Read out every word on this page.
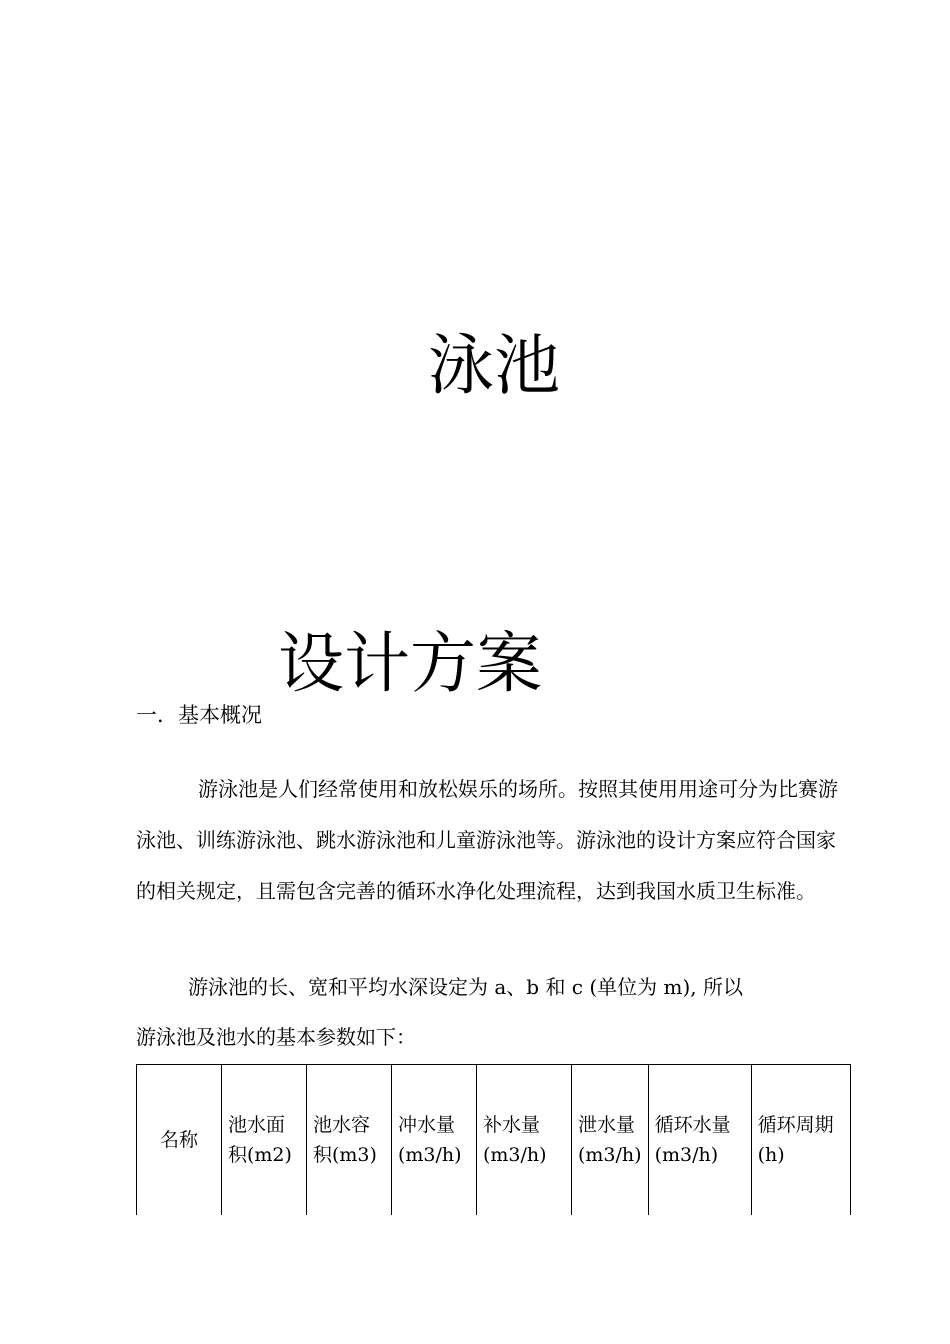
泳池
设计方案
一．基本概况
游泳池是人们经常使用和放松娱乐的场所。按照其使用用途可分为比赛游泳池、训练游泳池、跳水游泳池和儿童游泳池等。游泳池的设计方案应符合国家的相关规定，且需包含完善的循环水净化处理流程，达到我国水质卫生标准。
游泳池的长、宽和平均水深设定为 a、b 和 c (单位为 m), 所以
游泳池及池水的基本参数如下：
名称	池水面积(m2)	池水容积(m3)	冲水量(m3/h)	补水量(m3/h)	泄水量(m3/h)	循环水量(m3/h)	循环周期(h)
